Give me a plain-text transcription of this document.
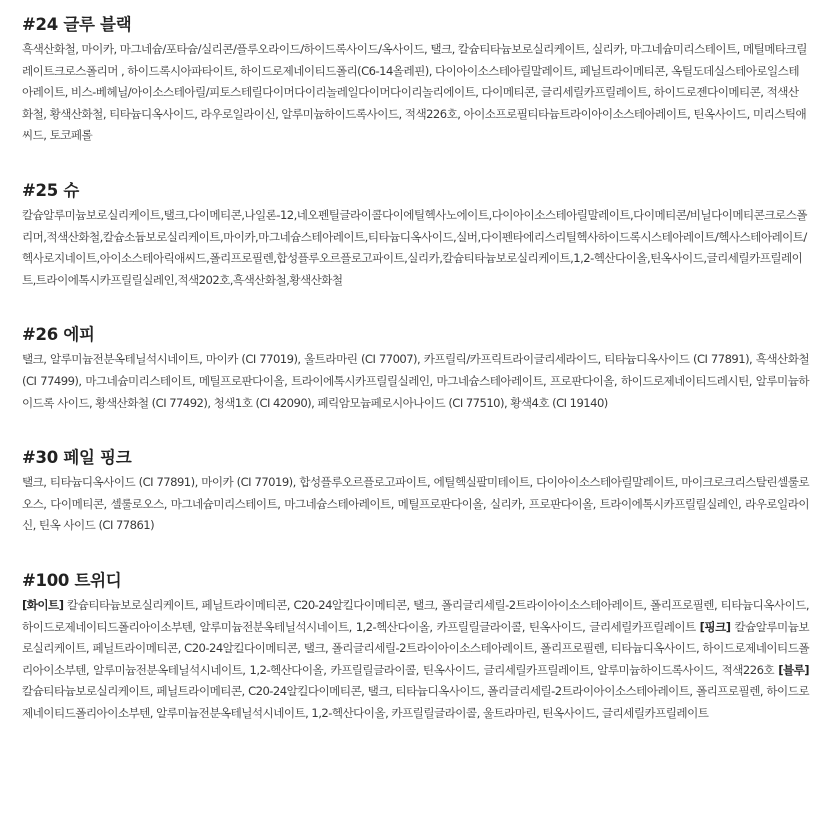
#24 글루 블랙

흑색산화철, 마이카, 마그네슘/포타슘/실리콘/플루오라이드/하이드록사이드/옥사이드, 탤크, 칼슘티타늄보로실리케이트, 실리카, 마그네슘미리스테이트, 메틸메타크릴레이트크로스폴리머 , 하이드록시아파타이트, 하이드로제네이티드폴리(C6-14올레핀), 다이아이소스테아릴말레이트, 페닐트라이메티콘, 옥틸도데실스테아로일스테아레이트, 비스-베헤닐/아이소스테아릴/피토스테릴다이머다이리놀레일다이머다이리놀리에이트, 다이메티콘, 글리세릴카프릴레이트, 하이드로젠다이메티콘, 적색산화철, 황색산화철, 티타늄디옥사이드, 라우로일라이신, 알루미늄하이드록사이드, 적색226호, 아이소프로필티타늄트라이아이소스테아레이트, 틴옥사이드, 미리스틱애씨드, 토코페롤

#25 슈

칼슘알루미늄보로실리케이트,탤크,다이메티콘,나일론-12,네오펜틸글라이콜다이에틸헥사노에이트,다이아이소스테아릴말레이트,다이메티콘/비닐다이메티콘크로스폴리머,적색산화철,칼슘소듐보로실리케이트,마이카,마그네슘스테아레이트,티타늄디옥사이드,실버,다이펜타에리스리틸헥사하이드록시스테아레이트/헥사스테아레이트/헥사로지네이트,아이소스테아릭애씨드,폴리프로필렌,합성플루오르플로고파이트,실리카,칼슘티타늄보로실리케이트,1,2-헥산다이올,틴옥사이드,글리세릴카프릴레이트,트라이에톡시카프릴릴실레인,적색202호,흑색산화철,황색산화철

#26 에피

탤크, 알루미늄전분옥테닐석시네이트, 마이카 (CI 77019), 울트라마린 (CI 77007), 카프릴릭/카프릭트라이글리세라이드, 티타늄디옥사이드 (CI 77891), 흑색산화철 (CI 77499), 마그네슘미리스테이트, 메틸프로판다이올, 트라이에톡시카프릴릴실레인, 마그네슘스테아레이트, 프로판다이올, 하이드로제네이티드레시틴, 알루미늄하이드록 사이드, 황색산화철 (CI 77492), 청색1호 (CI 42090), 페릭암모늄페로시아나이드 (CI 77510), 황색4호 (CI 19140)

#30 페일 핑크

탤크, 티타늄디옥사이드 (CI 77891), 마이카 (CI 77019), 합성플루오르플로고파이트, 에틸헥실팔미테이트, 다이아이소스테아릴말레이트, 마이크로크리스탈린셀룰로오스, 다이메티콘, 셀룰로오스, 마그네슘미리스테이트, 마그네슘스테아레이트, 메틸프로판다이올, 실리카, 프로판다이올, 트라이에톡시카프릴릴실레인, 라우로일라이신, 틴옥 사이드 (CI 77861)

#100 트위디

[화이트] 칼슘티타늄보로실리케이트, 페닐트라이메티콘, C20-24알킬다이메티콘, 탤크, 폴리글리세릴-2트라이아이소스테아레이트, 폴리프로필렌, 티타늄디옥사이드, 하이드로제네이티드폴리아이소부텐, 알루미늄전분옥테닐석시네이트, 1,2-헥산다이올, 카프릴릴글라이콜, 틴옥사이드, 글리세릴카프릴레이트 [핑크] 칼슘알루미늄보로실리케이트, 페닐트라이메티콘, C20-24알킬다이메티콘, 탤크, 폴리글리세릴-2트라이아이소스테아레이트, 폴리프로필렌, 티타늄디옥사이드, 하이드로제네이티드폴리아이소부텐, 알루미늄전분옥테닐석시네이트, 1,2-헥산다이올, 카프릴릴글라이콜, 틴옥사이드, 글리세릴카프릴레이트, 알루미늄하이드록사이드, 적색226호 [블루] 칼슘티타늄보로실리케이트, 페닐트라이메티콘, C20-24알킬다이메티콘, 탤크, 티타늄디옥사이드, 폴리글리세릴-2트라이아이소스테아레이트, 폴리프로필렌, 하이드로제네이티드폴리아이소부텐, 알루미늄전분옥테닐석시네이트, 1,2-헥산다이올, 카프릴릴글라이콜, 울트라마린, 틴옥사이드, 글리세릴카프릴레이트
